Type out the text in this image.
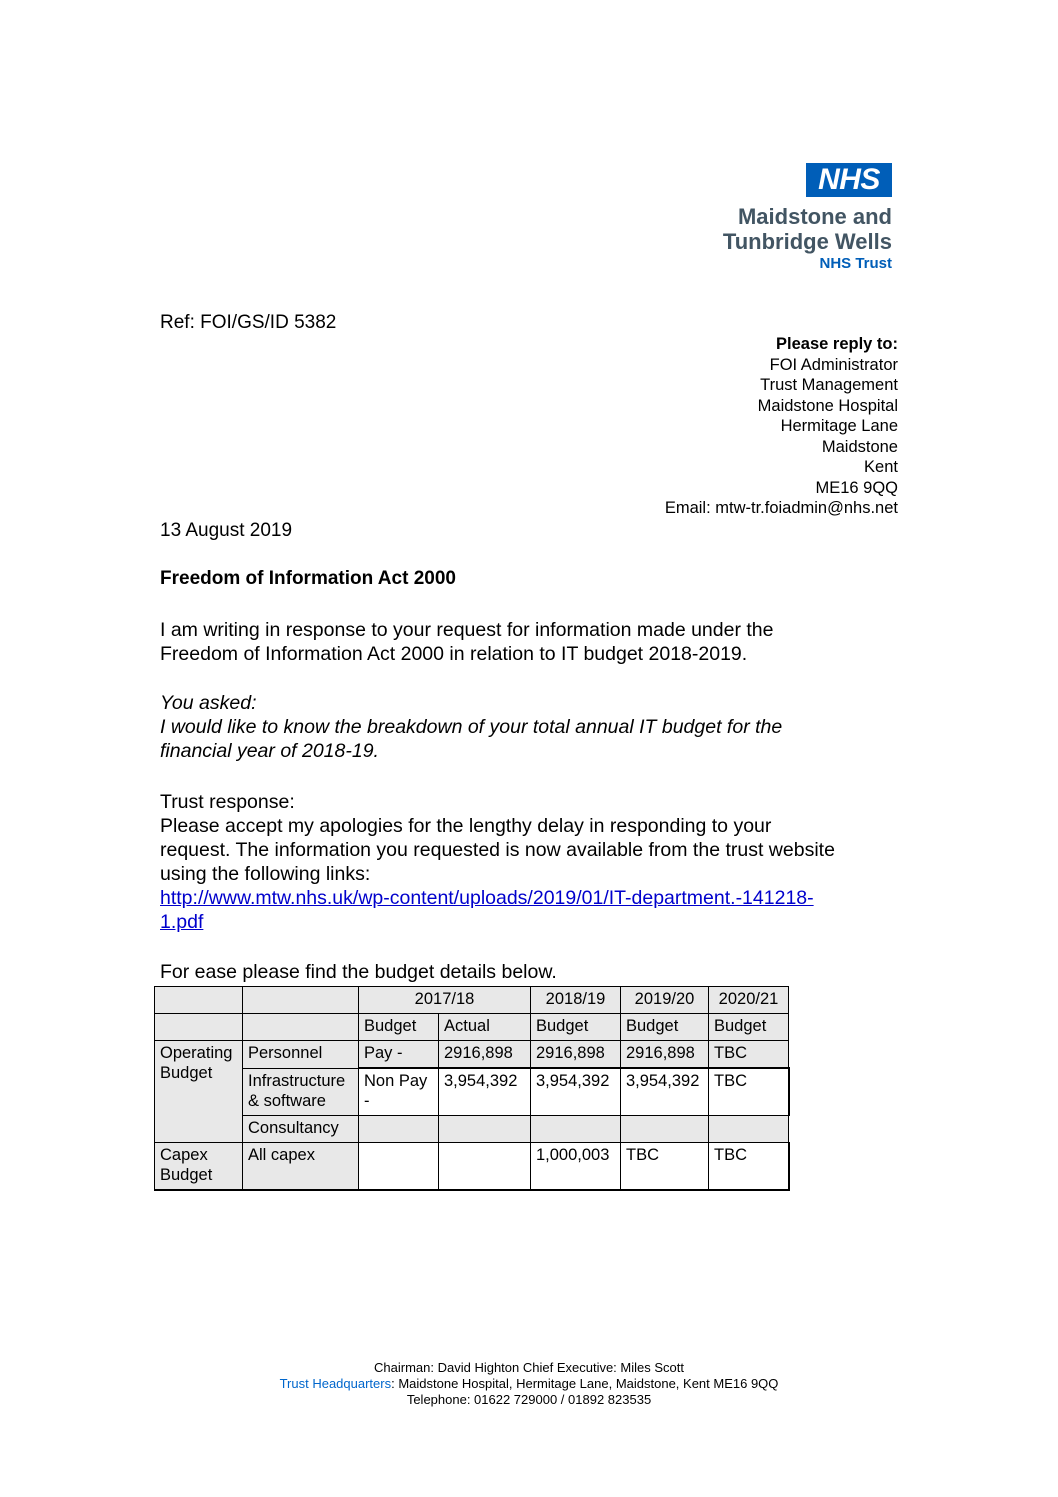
NHS
Maidstone and
Tunbridge Wells
NHS Trust
Ref: FOI/GS/ID 5382
Please reply to:
FOI Administrator
Trust Management
Maidstone Hospital
Hermitage Lane
Maidstone
Kent
ME16 9QQ
Email: mtw-tr.foiadmin@nhs.net
13 August 2019
Freedom of Information Act 2000
I am writing in response to your request for information made under the
Freedom of Information Act 2000 in relation to IT budget 2018-2019.
You asked:
I would like to know the breakdown of your total annual IT budget for the
financial year of 2018-19.
Trust response:
Please accept my apologies for the lengthy delay in responding to your
request. The information you requested is now available from the trust website
using the following links:
http://www.mtw.nhs.uk/wp-content/uploads/2019/01/IT-department.-141218-
1.pdf
For ease please find the budget details below.
		2017/18		2018/19	2019/20	2020/21
		Budget	Actual	Budget	Budget	Budget
Operating Budget	Personnel	Pay -	2916,898	2916,898	2916,898	TBC
	Infrastructure & software	Non Pay -	3,954,392	3,954,392	3,954,392	TBC
	Consultancy					
Capex Budget	All capex			1,000,003	TBC	TBC
Chairman: David Highton Chief Executive: Miles Scott
Trust Headquarters: Maidstone Hospital, Hermitage Lane, Maidstone, Kent ME16 9QQ
Telephone: 01622 729000 / 01892 823535
